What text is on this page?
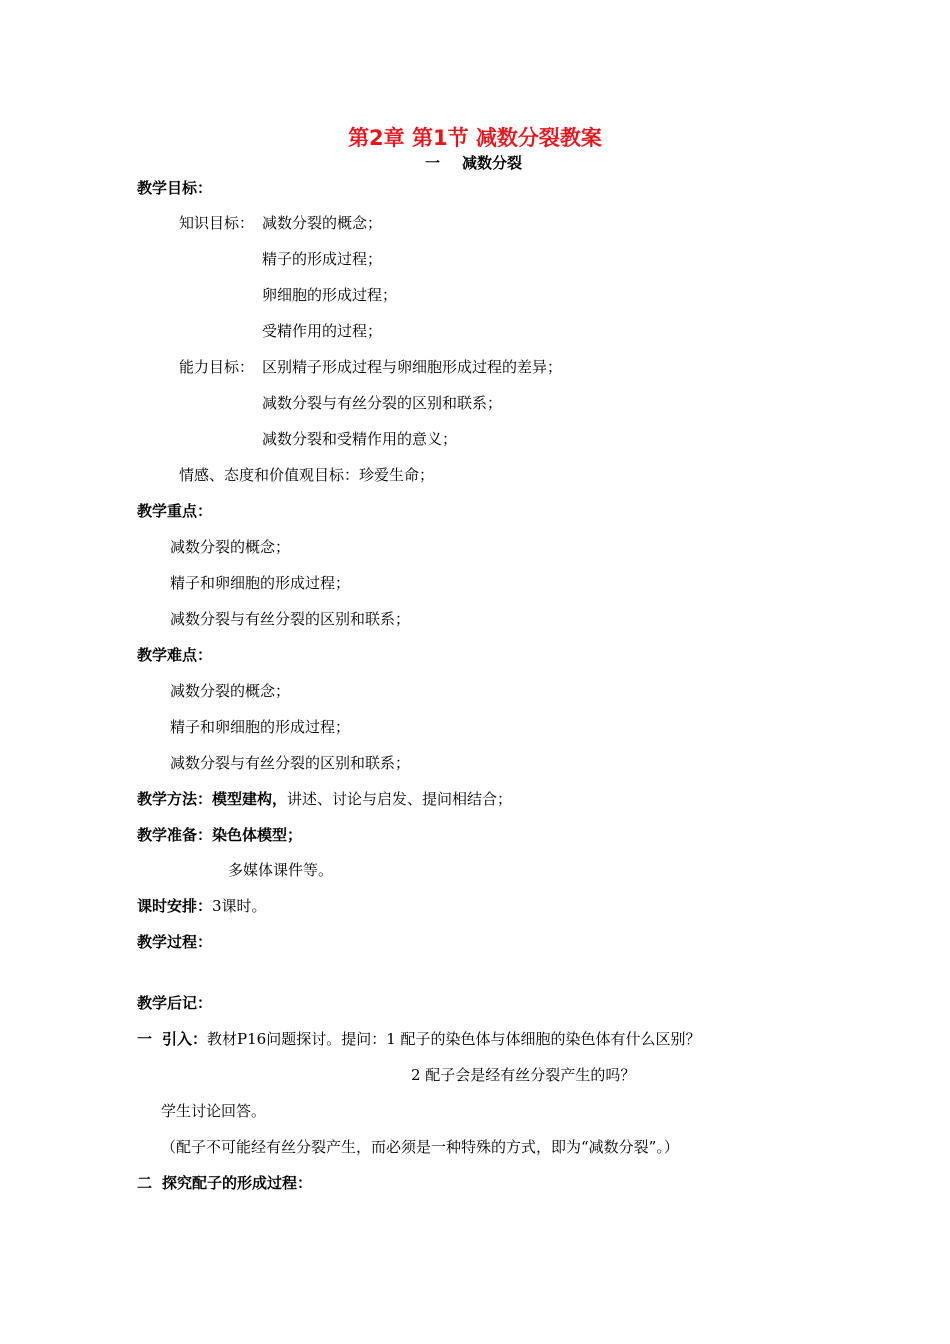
第2章 第1节 减数分裂教案
一 减数分裂
教学目标：
知识目标： 减数分裂的概念；
精子的形成过程；
卵细胞的形成过程；
受精作用的过程；
能力目标： 区别精子形成过程与卵细胞形成过程的差异；
减数分裂与有丝分裂的区别和联系；
减数分裂和受精作用的意义；
情感、态度和价值观目标：珍爱生命；
教学重点：
减数分裂的概念；
精子和卵细胞的形成过程；
减数分裂与有丝分裂的区别和联系；
教学难点：
减数分裂的概念；
精子和卵细胞的形成过程；
减数分裂与有丝分裂的区别和联系；
教学方法：模型建构，讲述、讨论与启发、提问相结合；
教学准备：染色体模型；
多媒体课件等。
课时安排：3课时。
教学过程：
教学后记：
一 引入：教材P16问题探讨。提问：1 配子的染色体与体细胞的染色体有什么区别？
2 配子会是经有丝分裂产生的吗？
学生讨论回答。
（配子不可能经有丝分裂产生，而必须是一种特殊的方式，即为“减数分裂”。）
二 探究配子的形成过程：
